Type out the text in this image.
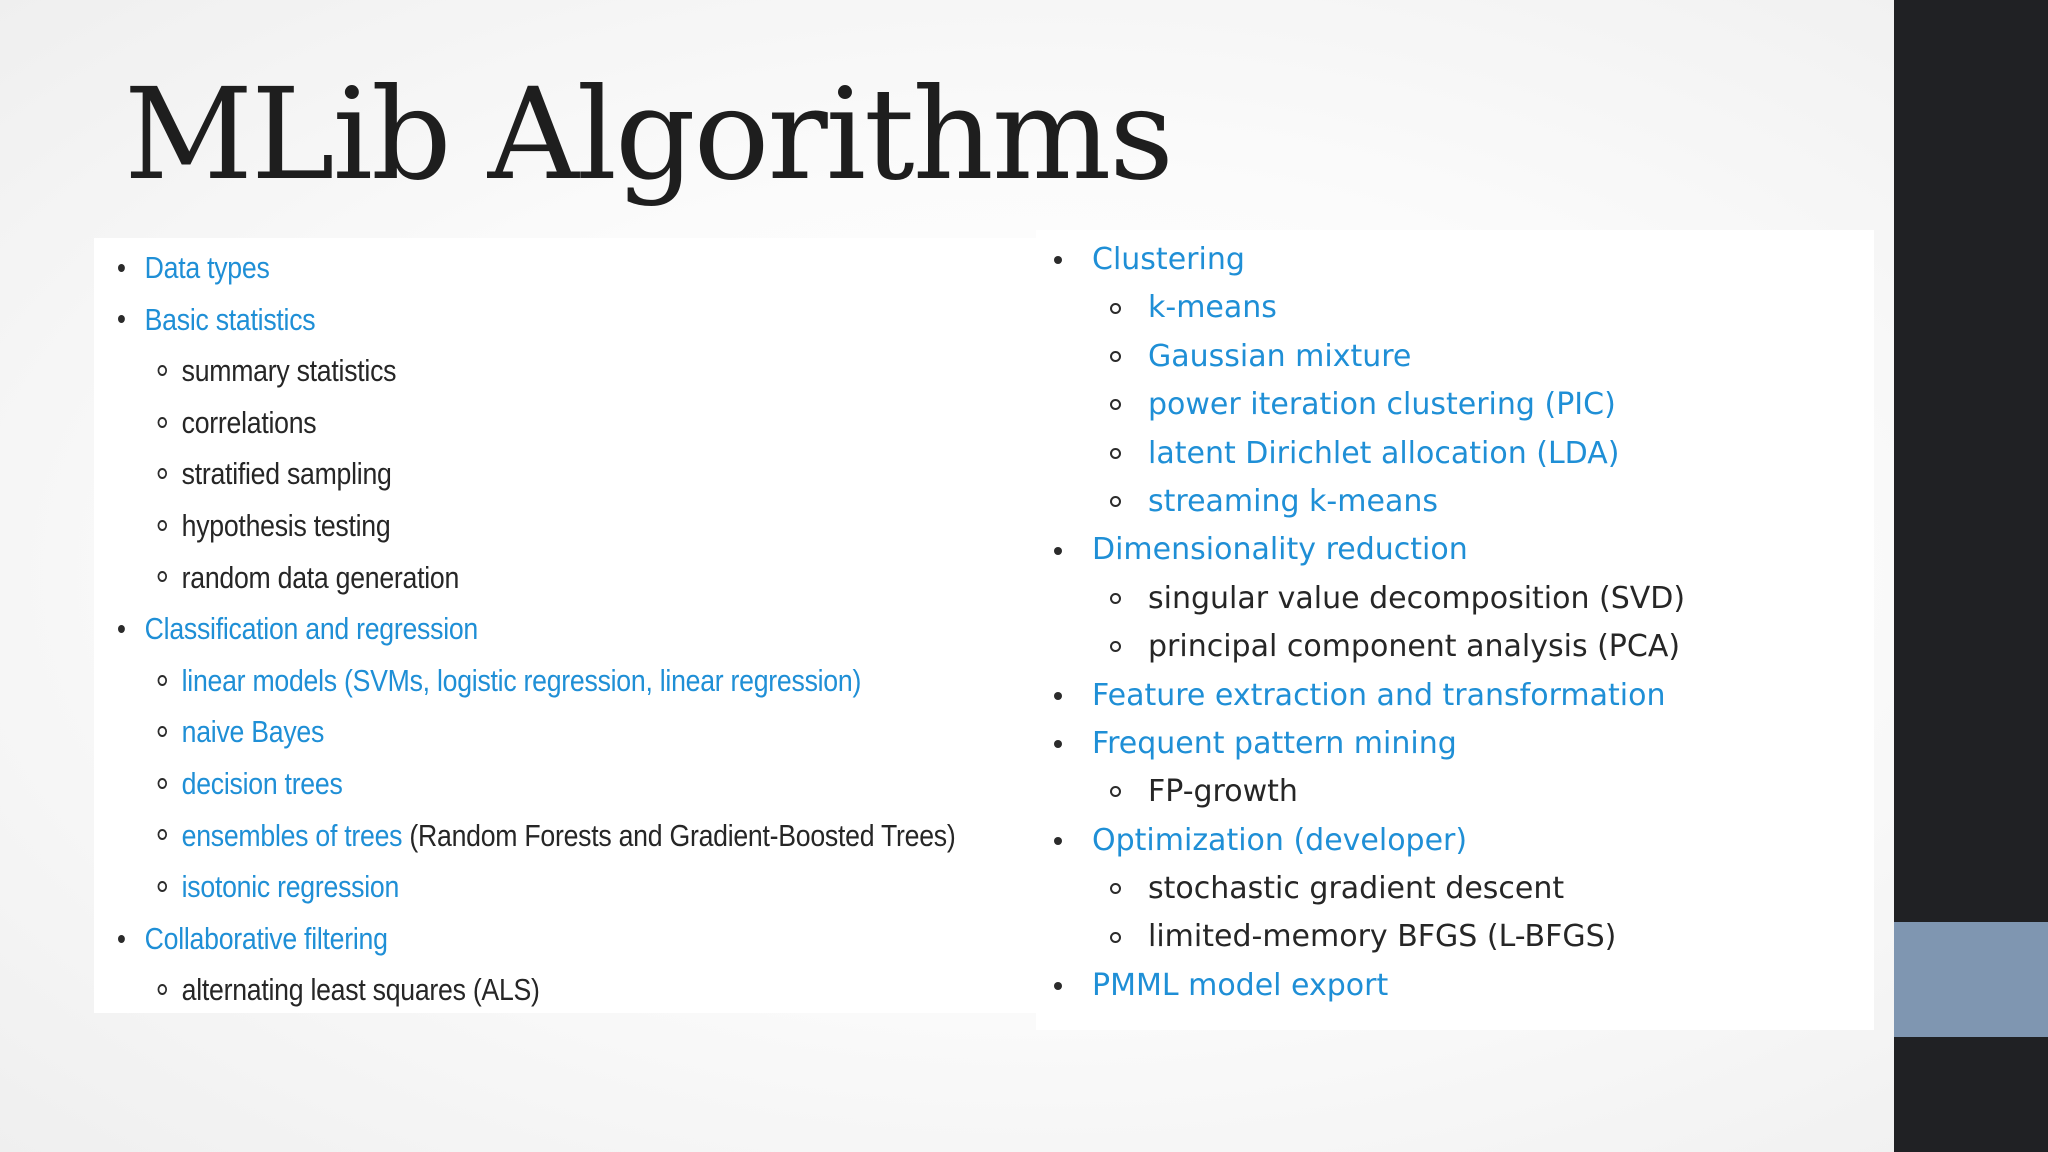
MLib Algorithms
Data types
Basic statistics
summary statistics
correlations
stratified sampling
hypothesis testing
random data generation
Classification and regression
linear models (SVMs, logistic regression, linear regression)
naive Bayes
decision trees
ensembles of trees (Random Forests and Gradient-Boosted Trees)
isotonic regression
Collaborative filtering
alternating least squares (ALS)
Clustering
k-means
Gaussian mixture
power iteration clustering (PIC)
latent Dirichlet allocation (LDA)
streaming k-means
Dimensionality reduction
singular value decomposition (SVD)
principal component analysis (PCA)
Feature extraction and transformation
Frequent pattern mining
FP-growth
Optimization (developer)
stochastic gradient descent
limited-memory BFGS (L-BFGS)
PMML model export
